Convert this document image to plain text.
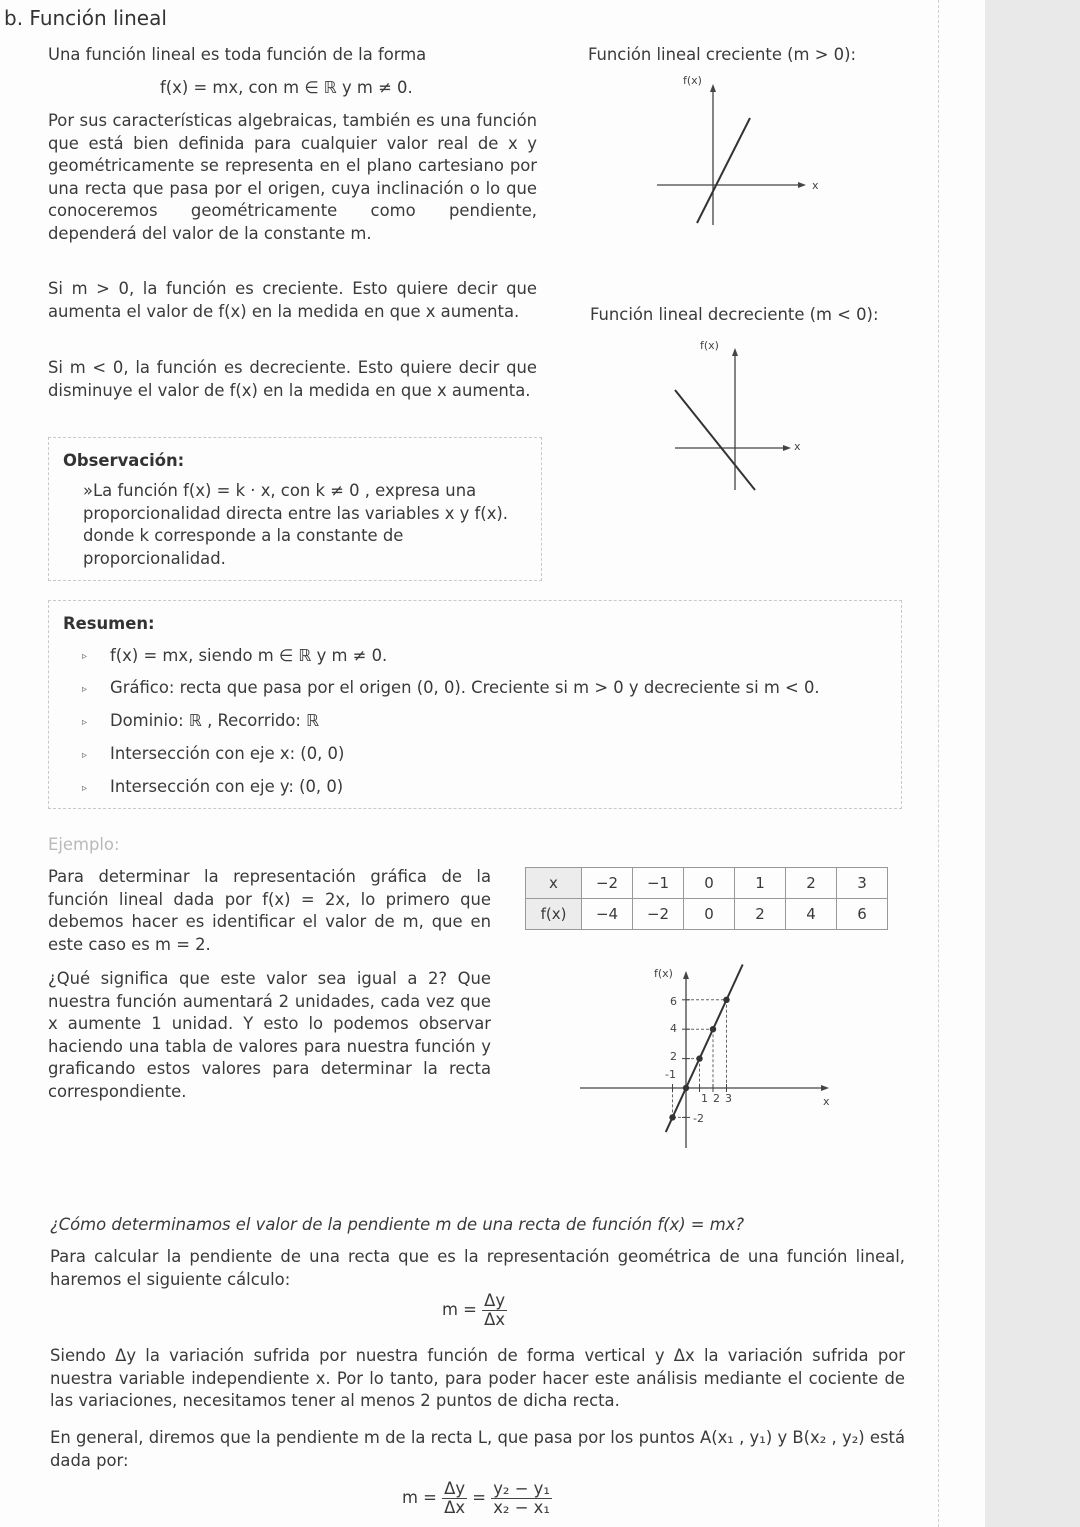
b. Función lineal
Una función lineal es toda función de la forma
f(x) = mx, con m ∈ ℝ y m ≠ 0.
Por sus características algebraicas, también es una función que está bien definida para cualquier valor real de x y geométricamente se representa en el plano cartesiano por una recta que pasa por el origen, cuya inclinación o lo que conoceremos geométricamente como pendiente, dependerá del valor de la constante m.
Si m > 0, la función es creciente. Esto quiere decir que aumenta el valor de f(x) en la medida en que x aumenta.
Si m < 0, la función es decreciente. Esto quiere decir que disminuye el valor de f(x) en la medida en que x aumenta.
Función lineal creciente (m > 0):
f(x)
x
Función lineal decreciente (m < 0):
f(x)
x
Observación:
»La función f(x) = k · x, con k ≠ 0 , expresa una proporcionalidad directa entre las variables x y f(x). donde k corresponde a la constante de proporcionalidad.
Resumen:
▹ f(x) = mx, siendo m ∈ ℝ y m ≠ 0.
▹ Gráfico: recta que pasa por el origen (0, 0). Creciente si m > 0 y decreciente si m < 0.
▹ Dominio: ℝ , Recorrido: ℝ
▹ Intersección con eje x: (0, 0)
▹ Intersección con eje y: (0, 0)
Ejemplo:
Para determinar la representación gráfica de la función lineal dada por f(x) = 2x, lo primero que debemos hacer es identificar el valor de m, que en este caso es m = 2.
¿Qué significa que este valor sea igual a 2? Que nuestra función aumentará 2 unidades, cada vez que x aumente 1 unidad. Y esto lo podemos observar haciendo una tabla de valores para nuestra función y graficando estos valores para determinar la recta correspondiente.
x	−2	−1	0	1	2	3
f(x)	−4	−2	0	2	4	6
f(x)
x
1 2 3
-1
6
4
2
-2
¿Cómo determinamos el valor de la pendiente m de una recta de función f(x) = mx?
Para calcular la pendiente de una recta que es la representación geométrica de una función lineal, haremos el siguiente cálculo:
$m = \frac{\Delta y}{\Delta x}$
Siendo Δy la variación sufrida por nuestra función de forma vertical y Δx la variación sufrida por nuestra variable independiente x. Por lo tanto, para poder hacer este análisis mediante el cociente de las variaciones, necesitamos tener al menos 2 puntos de dicha recta.
En general, diremos que la pendiente m de la recta L, que pasa por los puntos A(x₁ , y₁) y B(x₂ , y₂) está dada por:
$m = \frac{\Delta y}{\Delta x} = \frac{\text{y₂ − y₁}}{\text{x₂ − x₁}}$
